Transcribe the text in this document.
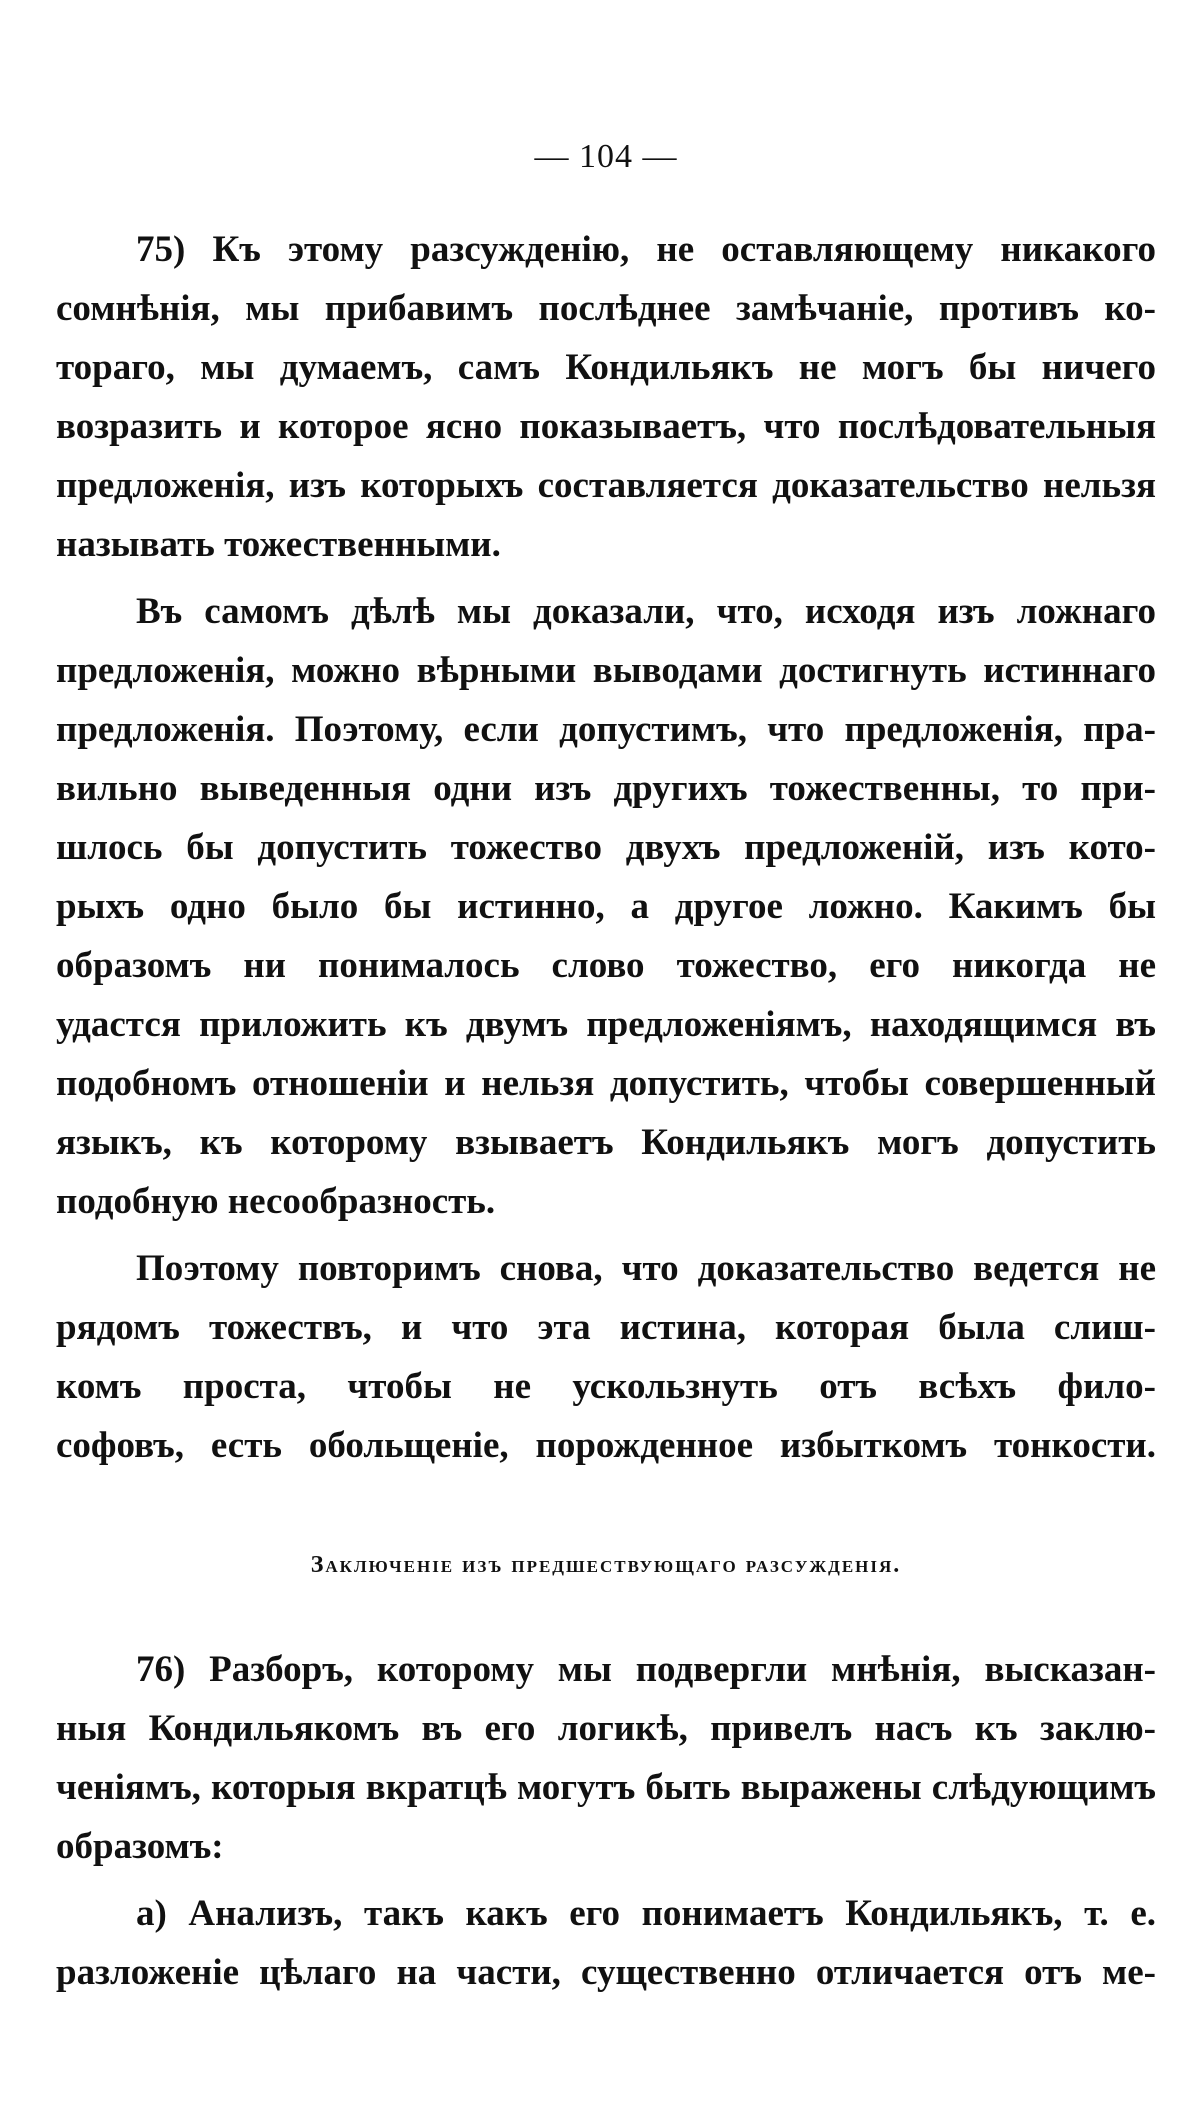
— 104 —
75) Къ этому разсужденію, не оставляющему никакого
сомнѣнія, мы прибавимъ послѣднее замѣчаніе, противъ ко-
тораго, мы думаемъ, самъ Кондильякъ не могъ бы ничего
возразить и которое ясно показываетъ, что послѣдовательныя
предложенія, изъ которыхъ составляется доказательство нельзя
называть тожественными.
Въ самомъ дѣлѣ мы доказали, что, исходя изъ ложнаго
предложенія, можно вѣрными выводами достигнуть истиннаго
предложенія. Поэтому, если допустимъ, что предложенія, пра-
вильно выведенныя одни изъ другихъ тожественны, то при-
шлось бы допустить тожество двухъ предложеній, изъ кото-
рыхъ одно было бы истинно, а другое ложно. Какимъ бы
образомъ ни понималось слово тожество, его никогда не
удастся приложить къ двумъ предложеніямъ, находящимся въ
подобномъ отношеніи и нельзя допустить, чтобы совершенный
языкъ, къ которому взываетъ Кондильякъ могъ допустить
подобную несообразность.
Поэтому повторимъ снова, что доказательство ведется не
рядомъ тожествъ, и что эта истина, которая была слиш-
комъ проста, чтобы не ускользнуть отъ всѣхъ фило-
софовъ, есть обольщеніе, порожденное избыткомъ тонкости.
Заключеніе изъ предшествующаго разсужденія.
76) Разборъ, которому мы подвергли мнѣнія, высказан-
ныя Кондильякомъ въ его логикѣ, привелъ насъ къ заклю-
ченіямъ, которыя вкратцѣ могутъ быть выражены слѣдующимъ
образомъ:
а) Анализъ, такъ какъ его понимаетъ Кондильякъ, т. е.
разложеніе цѣлаго на части, существенно отличается отъ ме-
